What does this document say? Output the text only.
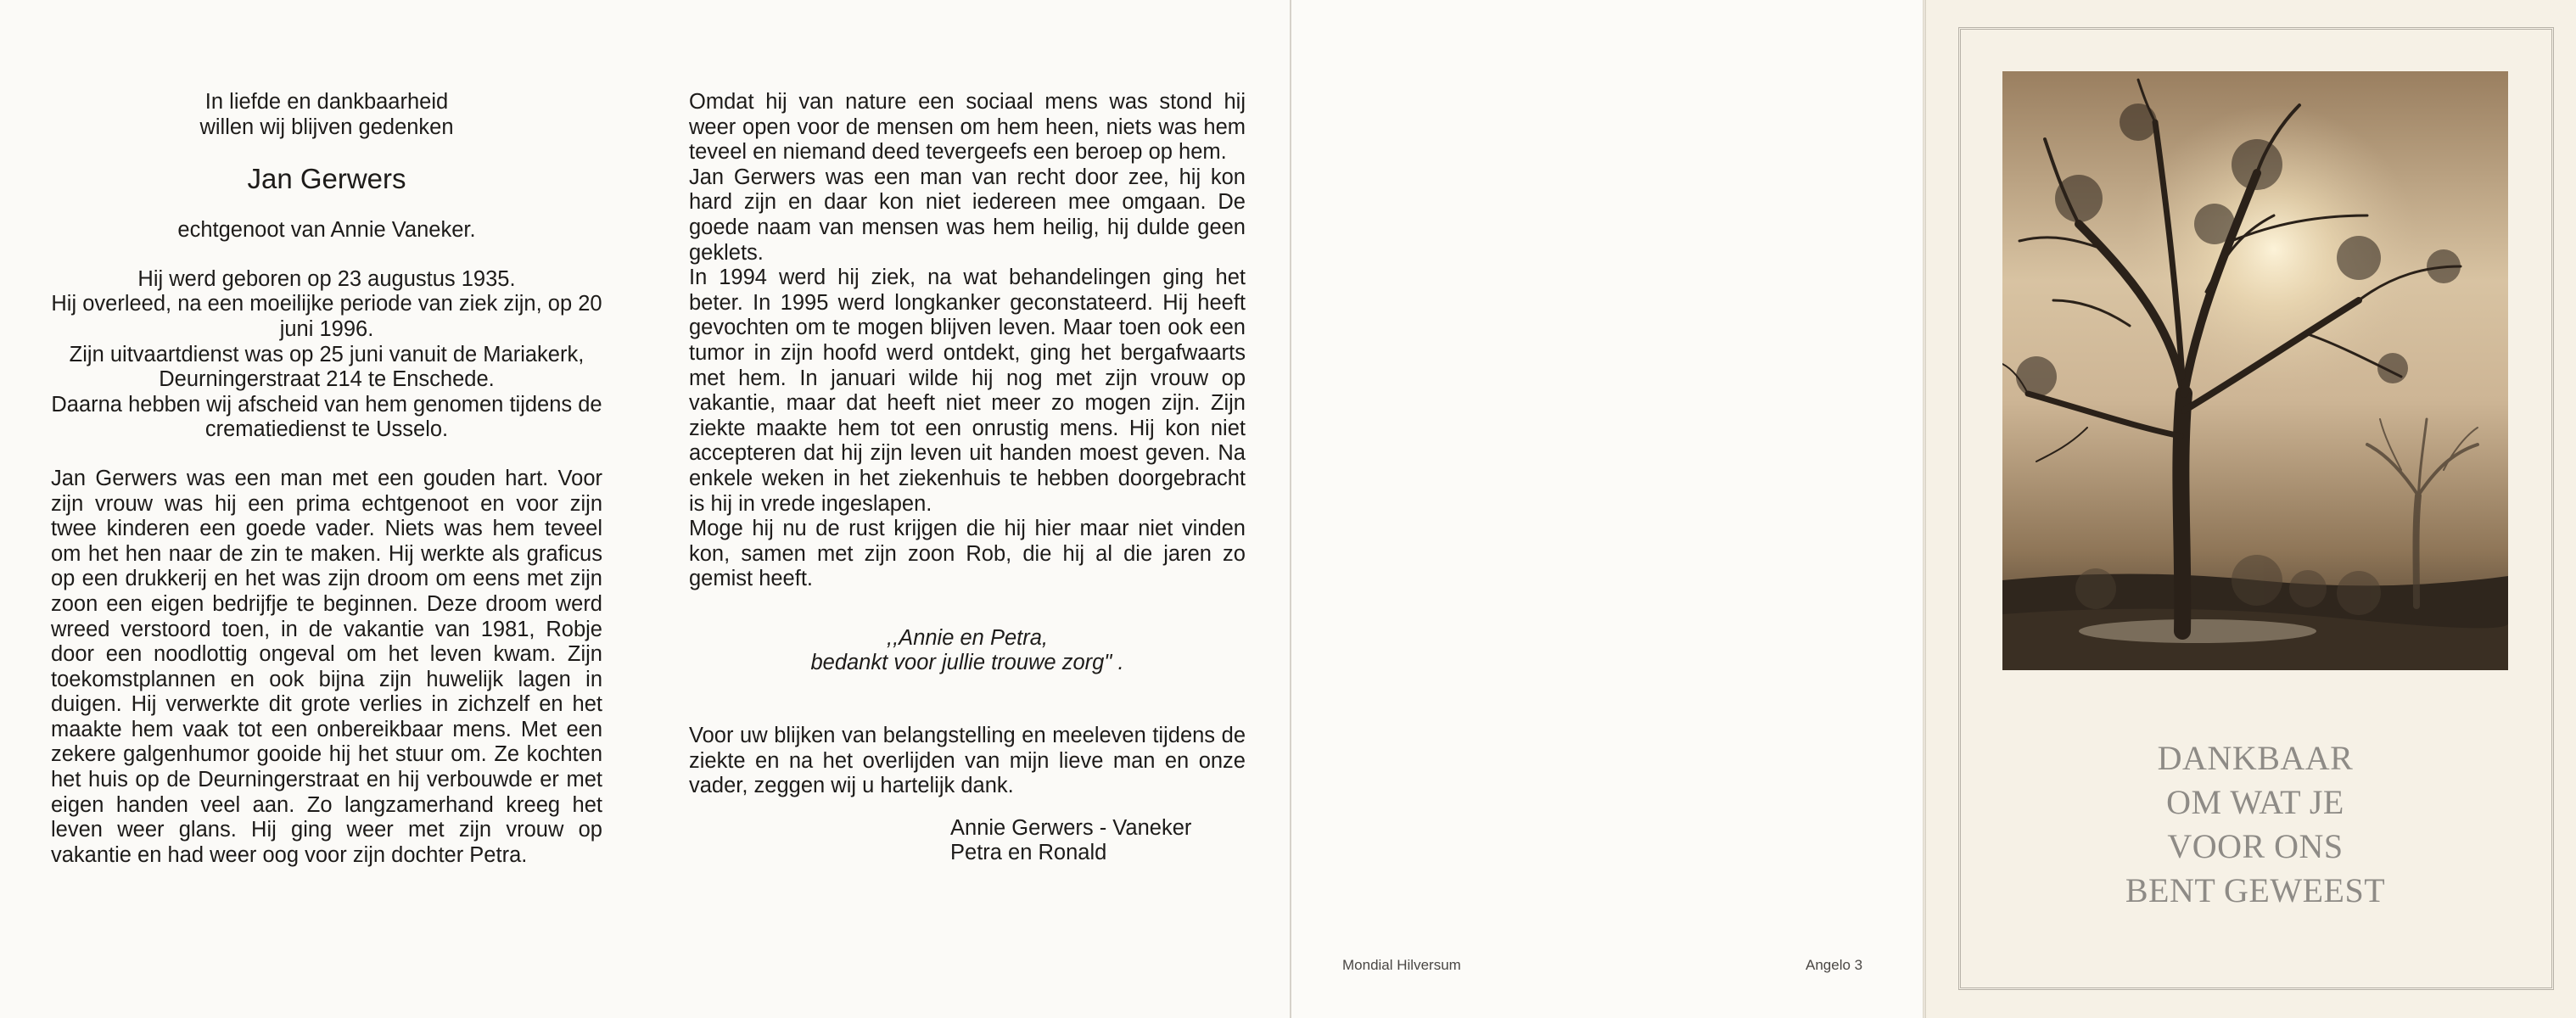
In liefde en dankbaarheid
willen wij blijven gedenken
Jan Gerwers
echtgenoot van Annie Vaneker.
Hij werd geboren op 23 augustus 1935.
Hij overleed, na een moeilijke periode van ziek zijn, op 20 juni 1996.
Zijn uitvaartdienst was op 25 juni vanuit de Mariakerk, Deurningerstraat 214 te Enschede.
Daarna hebben wij afscheid van hem genomen tijdens de crematiedienst te Usselo.
Jan Gerwers was een man met een gouden hart. Voor zijn vrouw was hij een prima echtgenoot en voor zijn twee kinderen een goede vader. Niets was hem teveel om het hen naar de zin te maken. Hij werkte als graficus op een drukkerij en het was zijn droom om eens met zijn zoon een eigen bedrijfje te beginnen. Deze droom werd wreed verstoord toen, in de vakantie van 1981, Robje door een noodlottig ongeval om het leven kwam. Zijn toekomstplannen en ook bijna zijn huwelijk lagen in duigen. Hij verwerkte dit grote verlies in zichzelf en het maakte hem vaak tot een onbereikbaar mens. Met een zekere galgenhumor gooide hij het stuur om. Ze kochten het huis op de Deurningerstraat en hij verbouwde er met eigen handen veel aan. Zo langzamerhand kreeg het leven weer glans. Hij ging weer met zijn vrouw op vakantie en had weer oog voor zijn dochter Petra.
Omdat hij van nature een sociaal mens was stond hij weer open voor de mensen om hem heen, niets was hem teveel en niemand deed tevergeefs een beroep op hem.
Jan Gerwers was een man van recht door zee, hij kon hard zijn en daar kon niet iedereen mee omgaan. De goede naam van mensen was hem heilig, hij dulde geen geklets.
In 1994 werd hij ziek, na wat behandelingen ging het beter. In 1995 werd longkanker geconstateerd. Hij heeft gevochten om te mogen blijven leven. Maar toen ook een tumor in zijn hoofd werd ontdekt, ging het bergafwaarts met hem. In januari wilde hij nog met zijn vrouw op vakantie, maar dat heeft niet meer zo mogen zijn. Zijn ziekte maakte hem tot een onrustig mens. Hij kon niet accepteren dat hij zijn leven uit handen moest geven. Na enkele weken in het ziekenhuis te hebben doorgebracht is hij in vrede ingeslapen.
Moge hij nu de rust krijgen die hij hier maar niet vinden kon, samen met zijn zoon Rob, die hij al die jaren zo gemist heeft.
,,Annie en Petra,
bedankt voor jullie trouwe zorg" .
Voor uw blijken van belangstelling en meeleven tijdens de ziekte en na het overlijden van mijn lieve man en onze vader, zeggen wij u hartelijk dank.
Annie Gerwers - Vaneker
Petra en Ronald
Mondial Hilversum	Angelo 3
DANKBAAR
OM WAT JE
VOOR ONS
BENT GEWEEST
